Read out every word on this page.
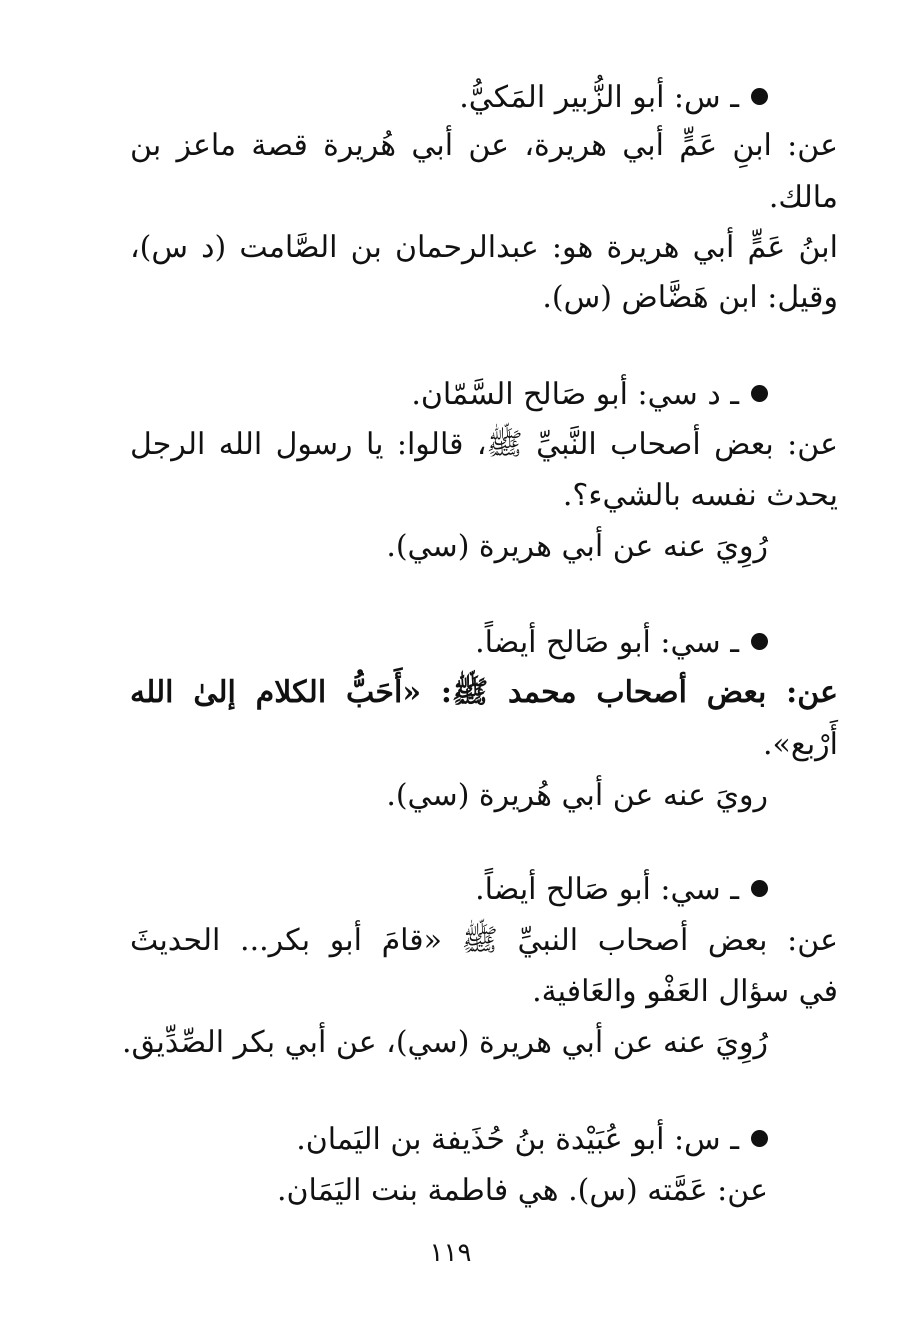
ـ س: أبو الزُّبير المَكيُّ.
عن: ابنِ عَمٍّ أبي هريرة، عن أبي هُريرة قصة ماعز بن
مالك.
ابنُ عَمٍّ أبي هريرة هو: عبدالرحمان بن الصَّامت (د س)،
وقيل: ابن هَضَّاض (س).
ـ د سي: أبو صَالح السَّمّان.
عن: بعض أصحاب النَّبيِّ ﷺ، قالوا: يا رسول الله الرجل
يحدث نفسه بالشيء؟.
رُوِيَ عنه عن أبي هريرة (سي).
ـ سي: أبو صَالح أيضاً.
عن: بعض أصحاب محمد ﷺ: «أَحَبُّ الكلام إلىٰ الله
أَرْبع».
رويَ عنه عن أبي هُريرة (سي).
ـ سي: أبو صَالح أيضاً.
عن: بعض أصحاب النبيِّ ﷺ «قامَ أبو بكر... الحديثَ
في سؤال العَفْو والعَافية.
رُوِيَ عنه عن أبي هريرة (سي)، عن أبي بكر الصِّدِّيق.
ـ س: أبو عُبَيْدة بنُ حُذَيفة بن اليَمان.
عن: عَمَّته (س). هي فاطمة بنت اليَمَان.
١١٩
